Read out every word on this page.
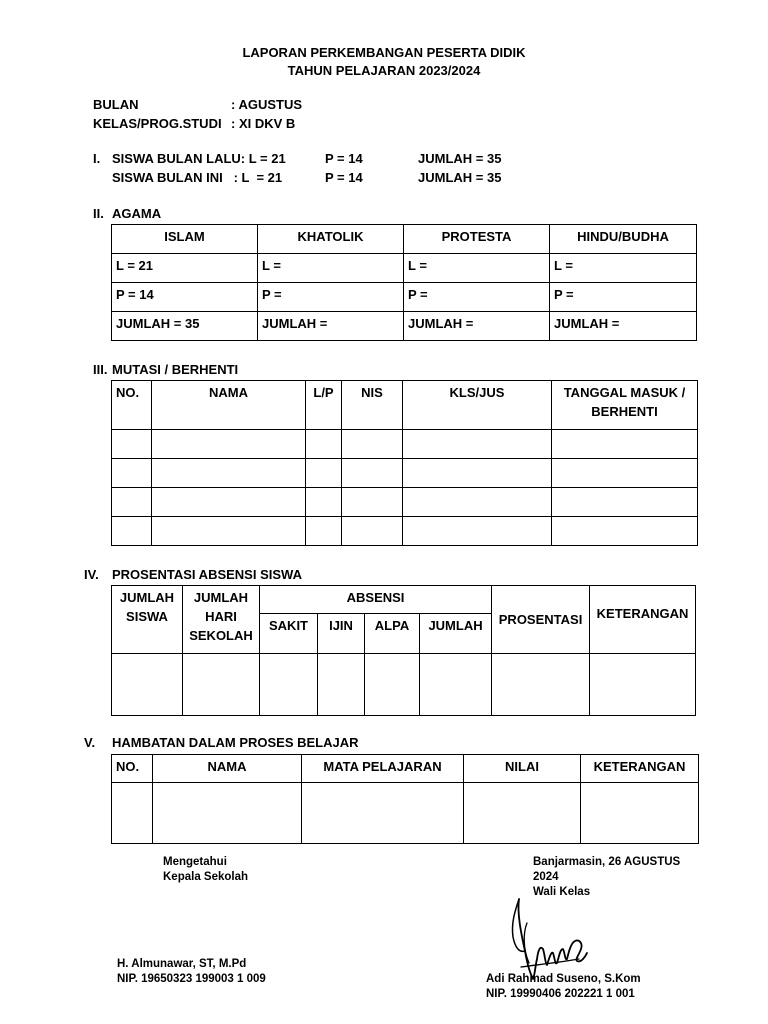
LAPORAN PERKEMBANGAN PESERTA DIDIK
TAHUN PELAJARAN 2023/2024
BULAN	: AGUSTUS
KELAS/PROG.STUDI : XI DKV B
I. SISWA BULAN LALU: L = 21	P = 14	JUMLAH = 35
SISWA BULAN INI   : L  = 21	P = 14	JUMLAH = 35
II. AGAMA
ISLAM	KHATOLIK	PROTESTA	HINDU/BUDHA
L = 21	L =	L =	L =
P = 14	P =	P =	P =
JUMLAH = 35	JUMLAH =	JUMLAH =	JUMLAH =
III. MUTASI / BERHENTI
NO.	NAMA	L/P	NIS	KLS/JUS	TANGGAL MASUK / BERHENTI

IV. PROSENTASI ABSENSI SISWA
JUMLAH SISWA	JUMLAH HARI SEKOLAH	ABSENSI				PROSENTASI	KETERANGAN
		SAKIT	IJIN	ALPA	JUMLAH		

V. HAMBATAN DALAM PROSES BELAJAR
NO.	NAMA	MATA PELAJARAN	NILAI	KETERANGAN

Mengetahui
Kepala Sekolah
Banjarmasin, 26 AGUSTUS
2024
Wali Kelas
H. Almunawar, ST, M.Pd
NIP. 19650323 199003 1 009	Adi Rahmad Suseno, S.Kom
NIP. 19990406 202221 1 001
